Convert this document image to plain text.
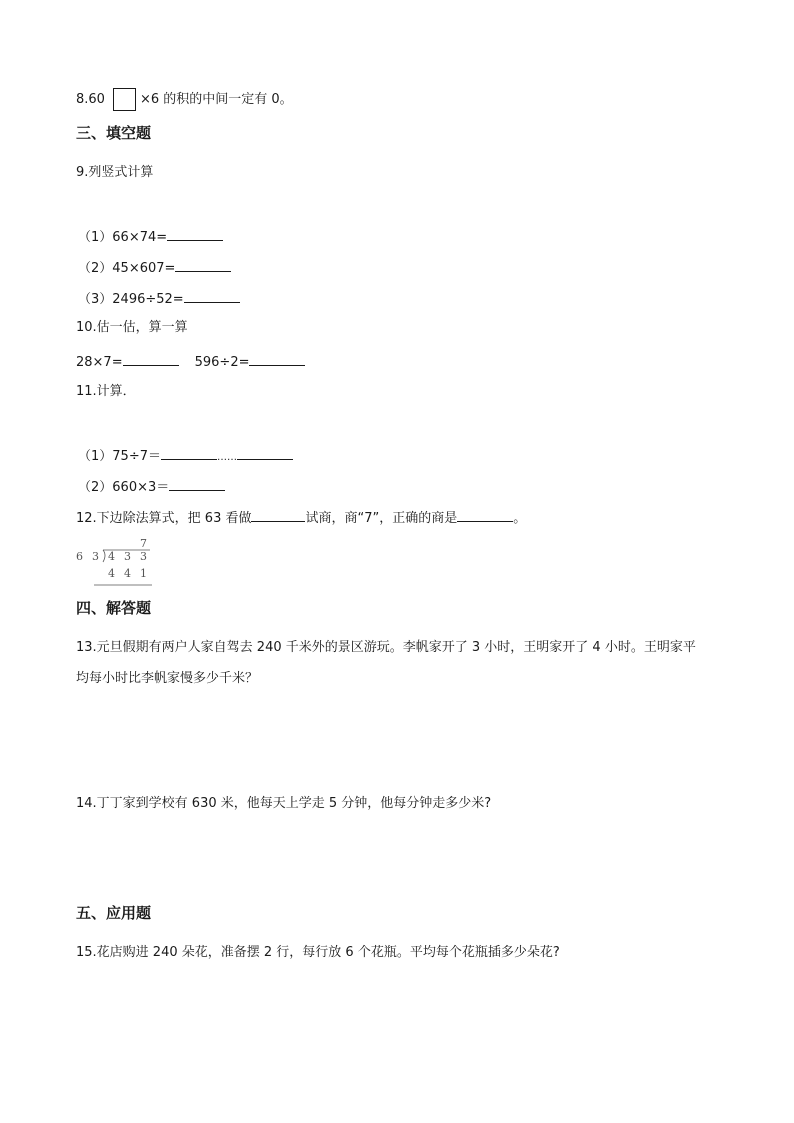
8.60	×6 的积的中间一定有 0。
三、填空题
9.列竖式计算
（1）66×74=
（2）45×607=
（3）2496÷52=
10.估一估，算一算
28×7=	596÷2=
11.计算．
（1）75÷7＝	……
（2）660×3＝
12.下边除法算式，把 63 看做	试商，商“7”，正确的商是	。
6 3
7
4 3 3
4 4 1
四、解答题
13.元旦假期有两户人家自驾去 240 千米外的景区游玩。李帆家开了 3 小时，王明家开了 4 小时。王明家平
均每小时比李帆家慢多少千米？
14.丁丁家到学校有 630 米，他每天上学走 5 分钟，他每分钟走多少米?
五、应用题
15.花店购进 240 朵花，准备摆 2 行，每行放 6 个花瓶。平均每个花瓶插多少朵花?
